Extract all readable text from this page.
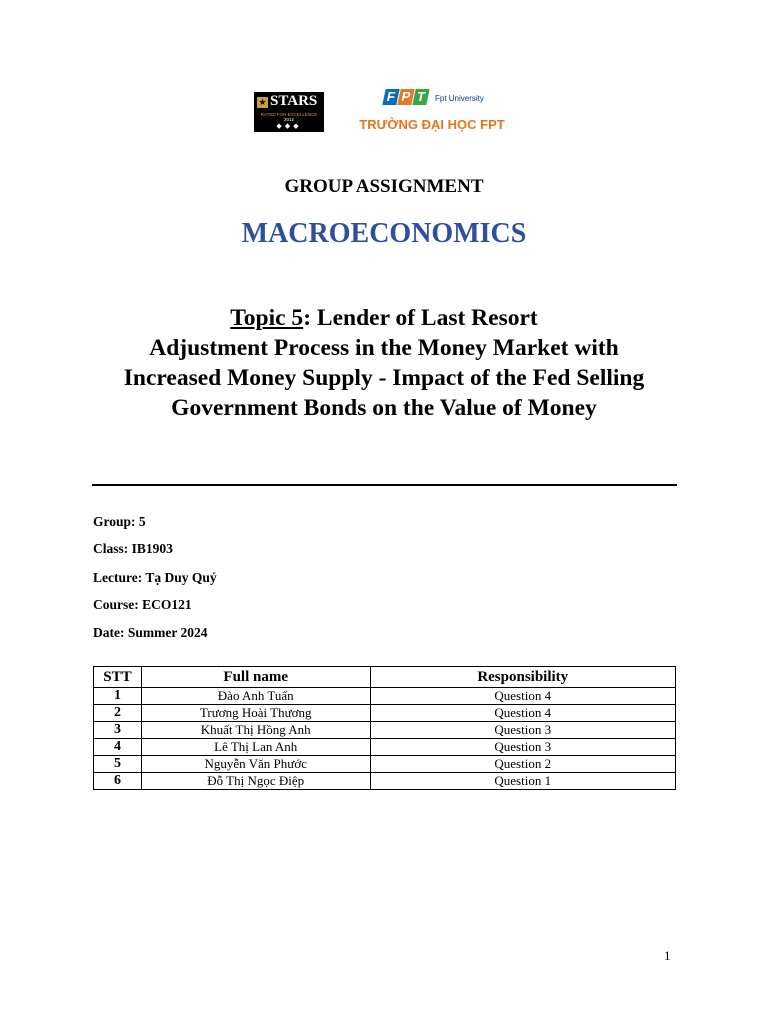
★ STARS
RATED FOR EXCELLENCE
2012
◆◆◆
F P T Fpt University
TRƯỜNG ĐẠI HỌC FPT
GROUP ASSIGNMENT
MACROECONOMICS
Topic 5: Lender of Last Resort
Adjustment Process in the Money Market with
Increased Money Supply - Impact of the Fed Selling
Government Bonds on the Value of Money
Group: 5
Class: IB1903
Lecture: Tạ Duy Quý
Course: ECO121
Date: Summer 2024
STT	Full name	Responsibility
1	Đào Anh Tuấn	Question 4
2	Trương Hoài Thương	Question 4
3	Khuất Thị Hồng Anh	Question 3
4	Lê Thị Lan Anh	Question 3
5	Nguyễn Văn Phước	Question 2
6	Đỗ Thị Ngọc Điệp	Question 1
1
